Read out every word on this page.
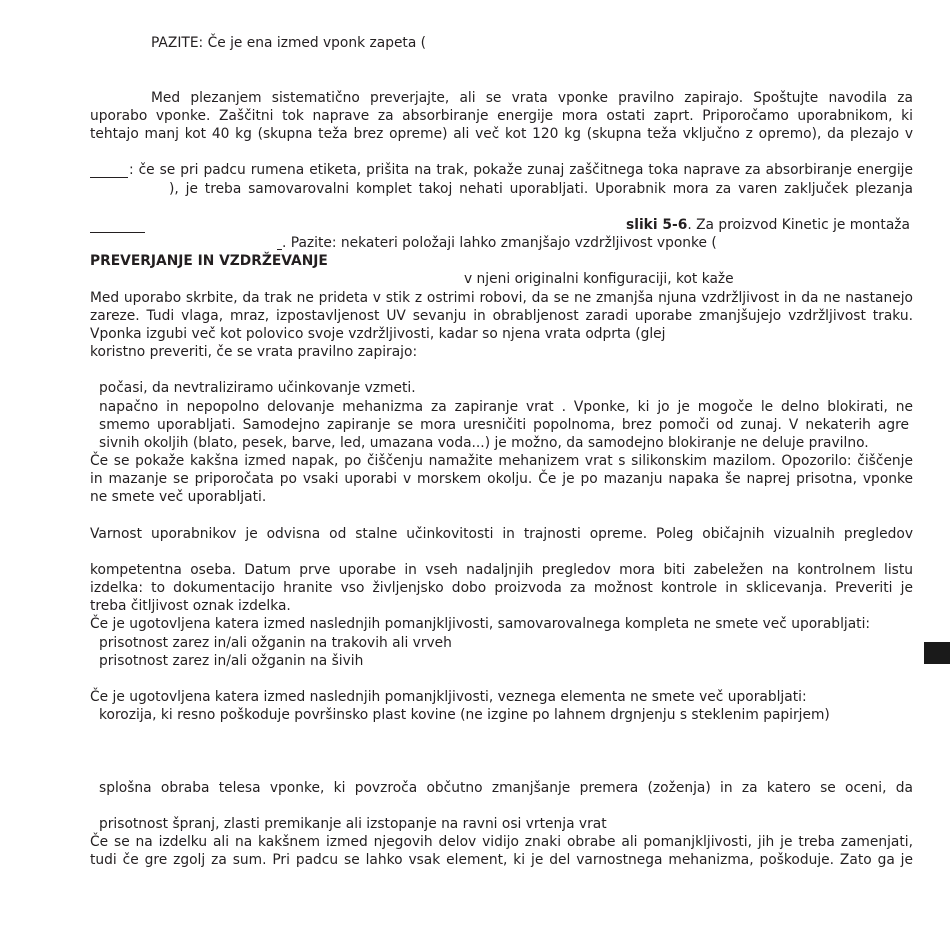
PAZITE: Če je ena izmed vponk zapeta (
Med plezanjem sistematično preverjajte, ali se vrata vponke pravilno zapirajo. Spoštujte navodila za
uporabo vponke. Zaščitni tok naprave za absorbiranje energije mora ostati zaprt. Priporočamo uporabnikom, ki
tehtajo manj kot 40 kg (skupna teža brez opreme) ali več kot 120 kg (skupna teža vključno z opremo), da plezajo v
: če se pri padcu rumena etiketa, prišita na trak, pokaže zunaj zaščitnega toka naprave za absorbiranje energije
), je treba samovarovalni komplet takoj nehati uporabljati. Uporabnik mora za varen zaključek plezanja
sliki 5-6. Za proizvod Kinetic je montaža
. Pazite: nekateri položaji lahko zmanjšajo vzdržljivost vponke (
PREVERJANJE IN VZDRŽEVANJE
v njeni originalni konfiguraciji, kot kaže
Med uporabo skrbite, da trak ne prideta v stik z ostrimi robovi, da se ne zmanjša njuna vzdržljivost in da ne nastanejo
zareze. Tudi vlaga, mraz, izpostavljenost UV sevanju in obrabljenost zaradi uporabe zmanjšujejo vzdržljivost traku.
Vponka izgubi več kot polovico svoje vzdržljivosti, kadar so njena vrata odprta (glej
koristno preveriti, če se vrata pravilno zapirajo:
počasi, da nevtraliziramo učinkovanje vzmeti.
napačno in nepopolno delovanje mehanizma za zapiranje vrat . Vponke, ki jo je mogoče le delno blokirati, ne
smemo uporabljati. Samodejno zapiranje se mora uresničiti popolnoma, brez pomoči od zunaj. V nekaterih agre
sivnih okoljih (blato, pesek, barve, led, umazana voda...) je možno, da samodejno blokiranje ne deluje pravilno.
Če se pokaže kakšna izmed napak, po čiščenju namažite mehanizem vrat s silikonskim mazilom. Opozorilo: čiščenje
in mazanje se priporočata po vsaki uporabi v morskem okolju. Če je po mazanju napaka še naprej prisotna, vponke
ne smete več uporabljati.
Varnost uporabnikov je odvisna od stalne učinkovitosti in trajnosti opreme. Poleg običajnih vizualnih pregledov
kompetentna oseba. Datum prve uporabe in vseh nadaljnjih pregledov mora biti zabeležen na kontrolnem listu
izdelka: to dokumentacijo hranite vso življenjsko dobo proizvoda za možnost kontrole in sklicevanja. Preveriti je
treba čitljivost oznak izdelka.
Če je ugotovljena katera izmed naslednjih pomanjkljivosti, samovarovalnega kompleta ne smete več uporabljati:
prisotnost zarez in/ali ožganin na trakovih ali vrveh
prisotnost zarez in/ali ožganin na šivih
Če je ugotovljena katera izmed naslednjih pomanjkljivosti, veznega elementa ne smete več uporabljati:
korozija, ki resno poškoduje površinsko plast kovine (ne izgine po lahnem drgnjenju s steklenim papirjem)
splošna obraba telesa vponke, ki povzroča občutno zmanjšanje premera (zoženja) in za katero se oceni, da
prisotnost špranj, zlasti premikanje ali izstopanje na ravni osi vrtenja vrat
Če se na izdelku ali na kakšnem izmed njegovih delov vidijo znaki obrabe ali pomanjkljivosti, jih je treba zamenjati,
tudi če gre zgolj za sum. Pri padcu se lahko vsak element, ki je del varnostnega mehanizma, poškoduje. Zato ga je
